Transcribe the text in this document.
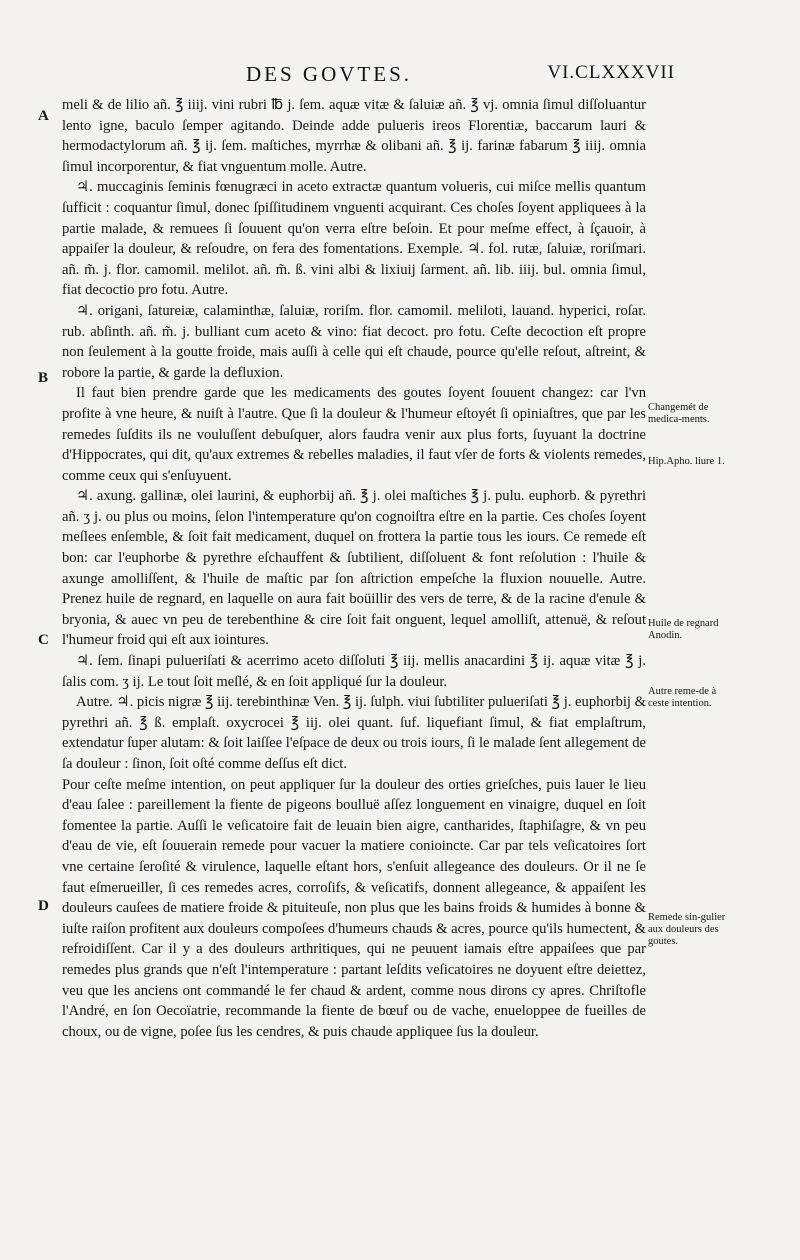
DES GOVTES.	VI.CLXXXVII
A
B
C
D
Changemét de medica-ments.
Hip.Apho. liure 1.
Huile de regnard Anodin.
Autre reme-de à ceste intention.
Remede sin-gulier aux douleurs des goutes.

meli & de lilio añ. ℥ iiij. vini rubri ℔ j. ſem. aquæ vitæ & ſaluiæ añ. ℥ vj. omnia ſimul diſſoluantur lento igne, baculo ſemper agitando. Deinde adde pulueris ireos Florentiæ, baccarum lauri & hermodactylorum añ. ℥ ij. ſem. maſtiches, myrrhæ & olibani añ. ℥ ij. farinæ fabarum ℥ iiij. omnia ſimul incorporentur, & fiat vnguentum molle. Autre.

♃. muccaginis ſeminis fœnugræci in aceto extractæ quantum volueris, cui miſce mellis quantum ſufficit : coquantur ſimul, donec ſpiſſitudinem vnguenti acquirant. Ces choſes ſoyent appliquees à la partie malade, & remuees ſi ſouuent qu'on verra eſtre beſoin. Et pour meſme effect, à ſçauoir, à appaiſer la douleur, & reſoudre, on fera des fomentations. Exemple. ♃. fol. rutæ, ſaluiæ, roriſmari. añ. m̃. j. flor. camomil. melilot. añ. m̃. ß. vini albi & lixiuij ſarment. añ. lib. iiij. bul. omnia ſimul, fiat decoctio pro fotu. Autre.

♃. origani, ſatureiæ, calaminthæ, ſaluiæ, roriſm. flor. camomil. meliloti, lauand. hyperici, roſar. rub. abſinth. añ. m̃. j. bulliant cum aceto & vino: fiat decoct. pro fotu. Ceſte decoction eſt propre non ſeulement à la goutte froide, mais auſſi à celle qui eſt chaude, pource qu'elle reſout, aſtreint, & robore la partie, & garde la defluxion.

Il faut bien prendre garde que les medicaments des goutes ſoyent ſouuent changez: car l'vn profite à vne heure, & nuiſt à l'autre. Que ſi la douleur & l'humeur eſtoyét ſi opiniaſtres, que par les remedes ſuſdits ils ne vouluſſent debuſquer, alors faudra venir aux plus forts, ſuyuant la doctrine d'Hippocrates, qui dit, qu'aux extremes & rebelles maladies, il faut vſer de forts & violents remedes, comme ceux qui s'enſuyuent.

♃. axung. gallinæ, olei laurini, & euphorbij añ. ℥ j. olei maſtiches ℥ j. pulu. euphorb. & pyrethri añ. ʒ j. ou plus ou moins, ſelon l'intemperature qu'on cognoiſtra eſtre en la partie. Ces choſes ſoyent meſlees enſemble, & ſoit fait medicament, duquel on frottera la partie tous les iours. Ce remede eſt bon: car l'euphorbe & pyrethre eſchauffent & ſubtilient, diſſoluent & font reſolution : l'huile & axunge amolliſſent, & l'huile de maſtic par ſon aſtriction empeſche la fluxion nouuelle. Autre. Prenez huile de regnard, en laquelle on aura fait boüillir des vers de terre, & de la racine d'enule & bryonia, & auec vn peu de terebenthine & cire ſoit fait onguent, lequel amolliſt, attenuë, & reſout l'humeur froid qui eſt aux iointures.

♃. ſem. ſinapi pulueriſati & acerrimo aceto diſſoluti ℥ iij. mellis anacardini ℥ ij. aquæ vitæ ℥ j. ſalis com. ʒ ij. Le tout ſoit meſlé, & en ſoit appliqué ſur la douleur.

Autre. ♃. picis nigræ ℥ iij. terebinthinæ Ven. ℥ ij. ſulph. viui ſubtiliter pulueriſati ℥ j. euphorbij & pyrethri añ. ℥ ß. emplaſt. oxycrocei ℥ iij. olei quant. ſuf. liquefiant ſimul, & fiat emplaſtrum, extendatur ſuper alutam: & ſoit laiſſee l'eſpace de deux ou trois iours, ſi le malade ſent allegement de ſa douleur : ſinon, ſoit oſté comme deſſus eſt dict.

Pour ceſte meſme intention, on peut appliquer ſur la douleur des orties grieſches, puis lauer le lieu d'eau ſalee : pareillement la fiente de pigeons boulluë aſſez longuement en vinaigre, duquel en ſoit fomentee la partie. Auſſi le veſicatoire fait de leuain bien aigre, cantharides, ſtaphiſagre, & vn peu d'eau de vie, eſt ſouuerain remede pour vacuer la matiere conioincte. Car par tels veſicatoires ſort vne certaine ſeroſité & virulence, laquelle eſtant hors, s'enſuit allegeance des douleurs. Or il ne ſe faut eſmerueiller, ſi ces remedes acres, corroſifs, & veſicatifs, donnent allegeance, & appaiſent les douleurs cauſees de matiere froide & pituiteuſe, non plus que les bains froids & humides à bonne & iuſte raiſon profitent aux douleurs compoſees d'humeurs chauds & acres, pource qu'ils humectent, & refroidiſſent. Car il y a des douleurs arthritiques, qui ne peuuent iamais eſtre appaiſees que par remedes plus grands que n'eſt l'intemperature : partant leſdits veſicatoires ne doyuent eſtre deiettez, veu que les anciens ont commandé le fer chaud & ardent, comme nous dirons cy apres. Chriſtofle l'André, en ſon Oecoïatrie, recommande la fiente de bœuf ou de vache, enueloppee de fueilles de choux, ou de vigne, poſee ſus les cendres, & puis chaude appliquee ſus la douleur.
